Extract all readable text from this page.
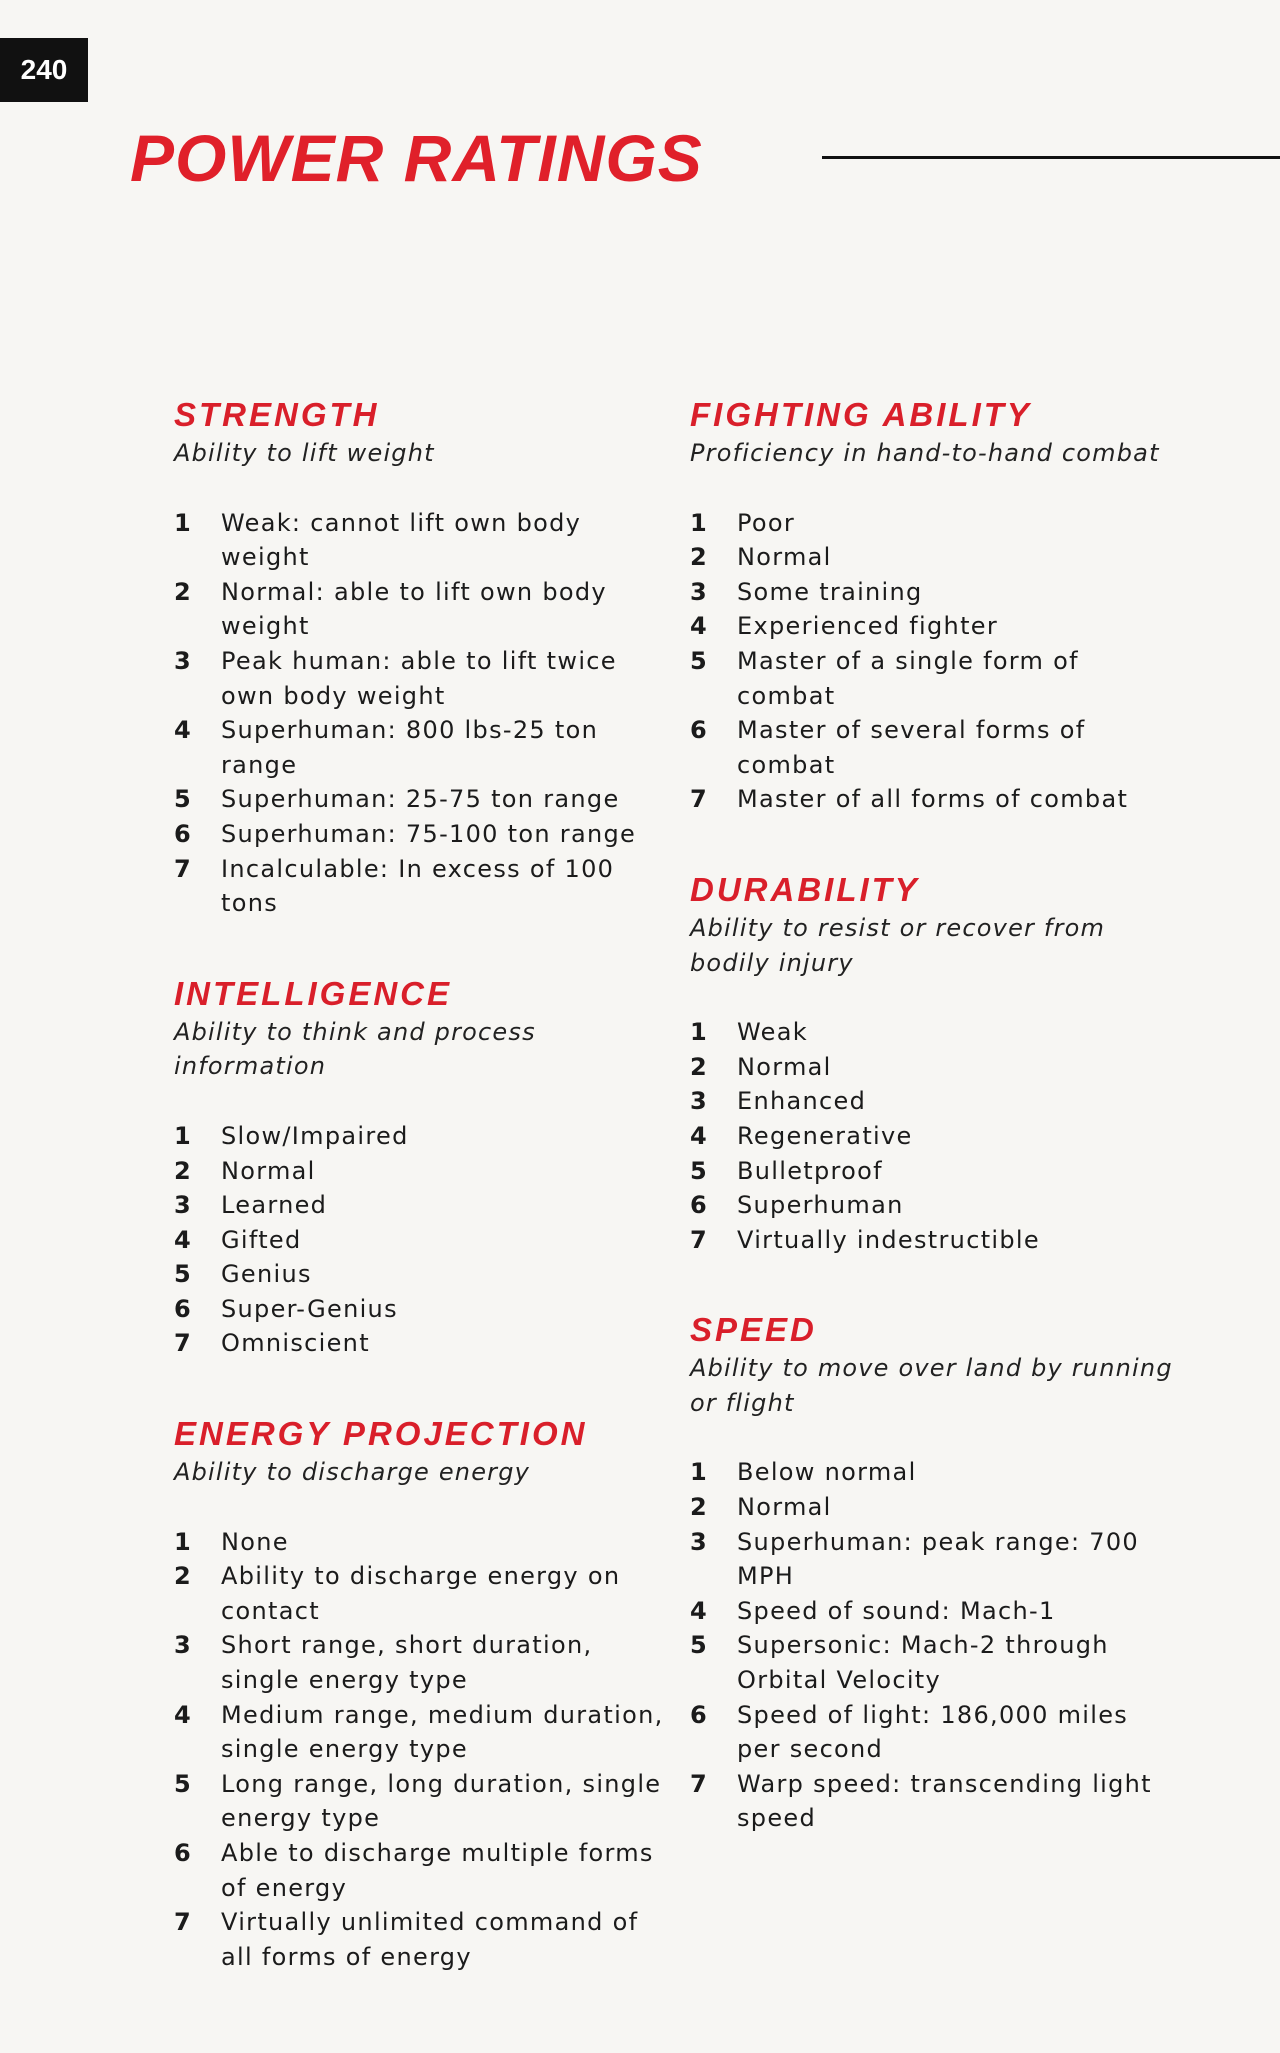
240
POWER RATINGS
STRENGTH

Ability to lift weight

1	Weak: cannot lift own body weight
2	Normal: able to lift own body weight
3	Peak human: able to lift twice own body weight
4	Superhuman: 800 lbs-25 ton range
5	Superhuman: 25-75 ton range
6	Superhuman: 75-100 ton range
7	Incalculable: In excess of 100 tons
INTELLIGENCE

Ability to think and process information

1	Slow/Impaired
2	Normal
3	Learned
4	Gifted
5	Genius
6	Super-Genius
7	Omniscient
ENERGY PROJECTION

Ability to discharge energy

1	None
2	Ability to discharge energy on contact
3	Short range, short duration, single energy type
4	Medium range, medium duration, single energy type
5	Long range, long duration, single energy type
6	Able to discharge multiple forms of energy
7	Virtually unlimited command of all forms of energy
FIGHTING ABILITY

Proficiency in hand-to-hand combat

1	Poor
2	Normal
3	Some training
4	Experienced fighter
5	Master of a single form of combat
6	Master of several forms of combat
7	Master of all forms of combat
DURABILITY

Ability to resist or recover from bodily injury

1	Weak
2	Normal
3	Enhanced
4	Regenerative
5	Bulletproof
6	Superhuman
7	Virtually indestructible
SPEED

Ability to move over land by running or flight

1	Below normal
2	Normal
3	Superhuman: peak range: 700 MPH
4	Speed of sound: Mach-1
5	Supersonic: Mach-2 through Orbital Velocity
6	Speed of light: 186,000 miles per second
7	Warp speed: transcending light speed
